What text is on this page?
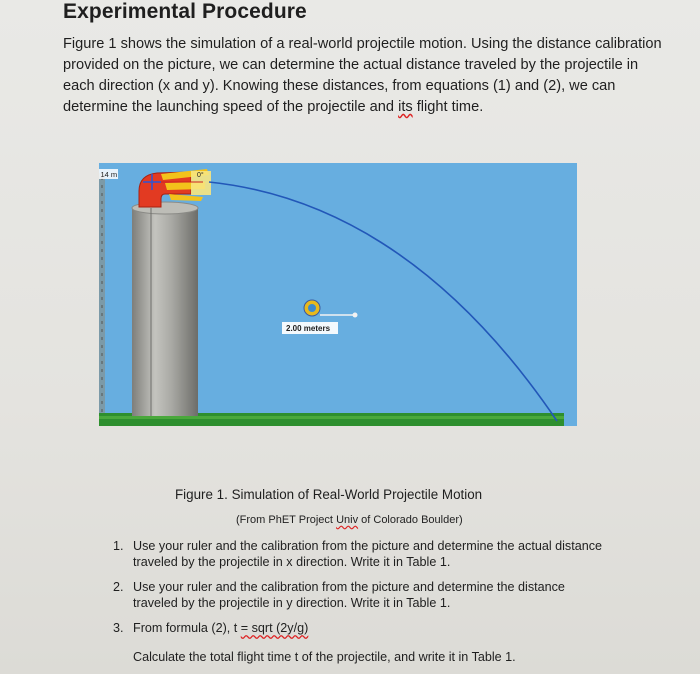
Experimental Procedure

Figure 1 shows the simulation of a real-world projectile motion. Using the distance calibration provided on the picture, we can determine the actual distance traveled by the projectile in each direction (x and y). Knowing these distances, from equations (1) and (2), we can determine the launching speed of the projectile and its flight time.

14 m	0°
2.00 meters
Figure 1. Simulation of Real-World Projectile Motion
(From PhET Project Univ of Colorado Boulder)
1. Use your ruler and the calibration from the picture and determine the actual distance traveled by the projectile in x direction. Write it in Table 1.
2. Use your ruler and the calibration from the picture and determine the distance traveled by the projectile in y direction. Write it in Table 1.
3. From formula (2), t = sqrt (2y/g)
Calculate the total flight time t of the projectile, and write it in Table 1.
